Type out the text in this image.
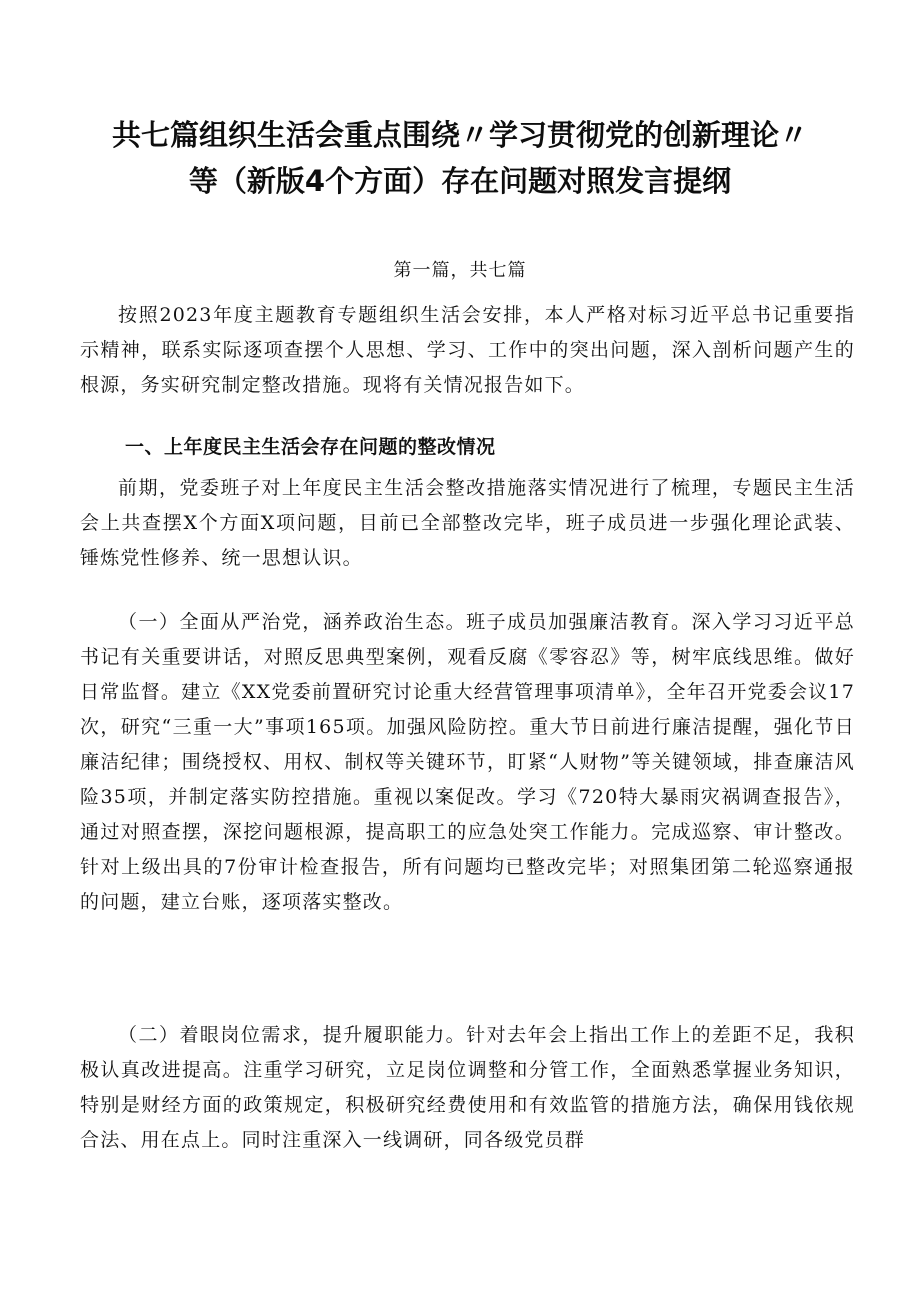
共七篇组织生活会重点围绕〃学习贯彻党的创新理论〃
等（新版4个方面）存在问题对照发言提纲
第一篇，共七篇

按照2023年度主题教育专题组织生活会安排，本人严格对标习近平总书记重要指示精神，联系实际逐项查摆个人思想、学习、工作中的突出问题，深入剖析问题产生的根源，务实研究制定整改措施。现将有关情况报告如下。

一、上年度民主生活会存在问题的整改情况

前期，党委班子对上年度民主生活会整改措施落实情况进行了梳理，专题民主生活会上共查摆X个方面X项问题，目前已全部整改完毕，班子成员进一步强化理论武装、锤炼党性修养、统一思想认识。

（一）全面从严治党，涵养政治生态。班子成员加强廉洁教育。深入学习习近平总书记有关重要讲话，对照反思典型案例，观看反腐《零容忍》等，树牢底线思维。做好日常监督。建立《XX党委前置研究讨论重大经营管理事项清单》，全年召开党委会议17次，研究“三重一大”事项165项。加强风险防控。重大节日前进行廉洁提醒，强化节日廉洁纪律；围绕授权、用权、制权等关键环节，盯紧“人财物”等关键领域，排查廉洁风险35项，并制定落实防控措施。重视以案促改。学习《720特大暴雨灾祸调查报告》，通过对照查摆，深挖问题根源，提高职工的应急处突工作能力。完成巡察、审计整改。针对上级出具的7份审计检查报告，所有问题均已整改完毕；对照集团第二轮巡察通报的问题，建立台账，逐项落实整改。

（二）着眼岗位需求，提升履职能力。针对去年会上指出工作上的差距不足，我积极认真改进提高。注重学习研究，立足岗位调整和分管工作，全面熟悉掌握业务知识，特别是财经方面的政策规定，积极研究经费使用和有效监管的措施方法，确保用钱依规合法、用在点上。同时注重深入一线调研，同各级党员群
